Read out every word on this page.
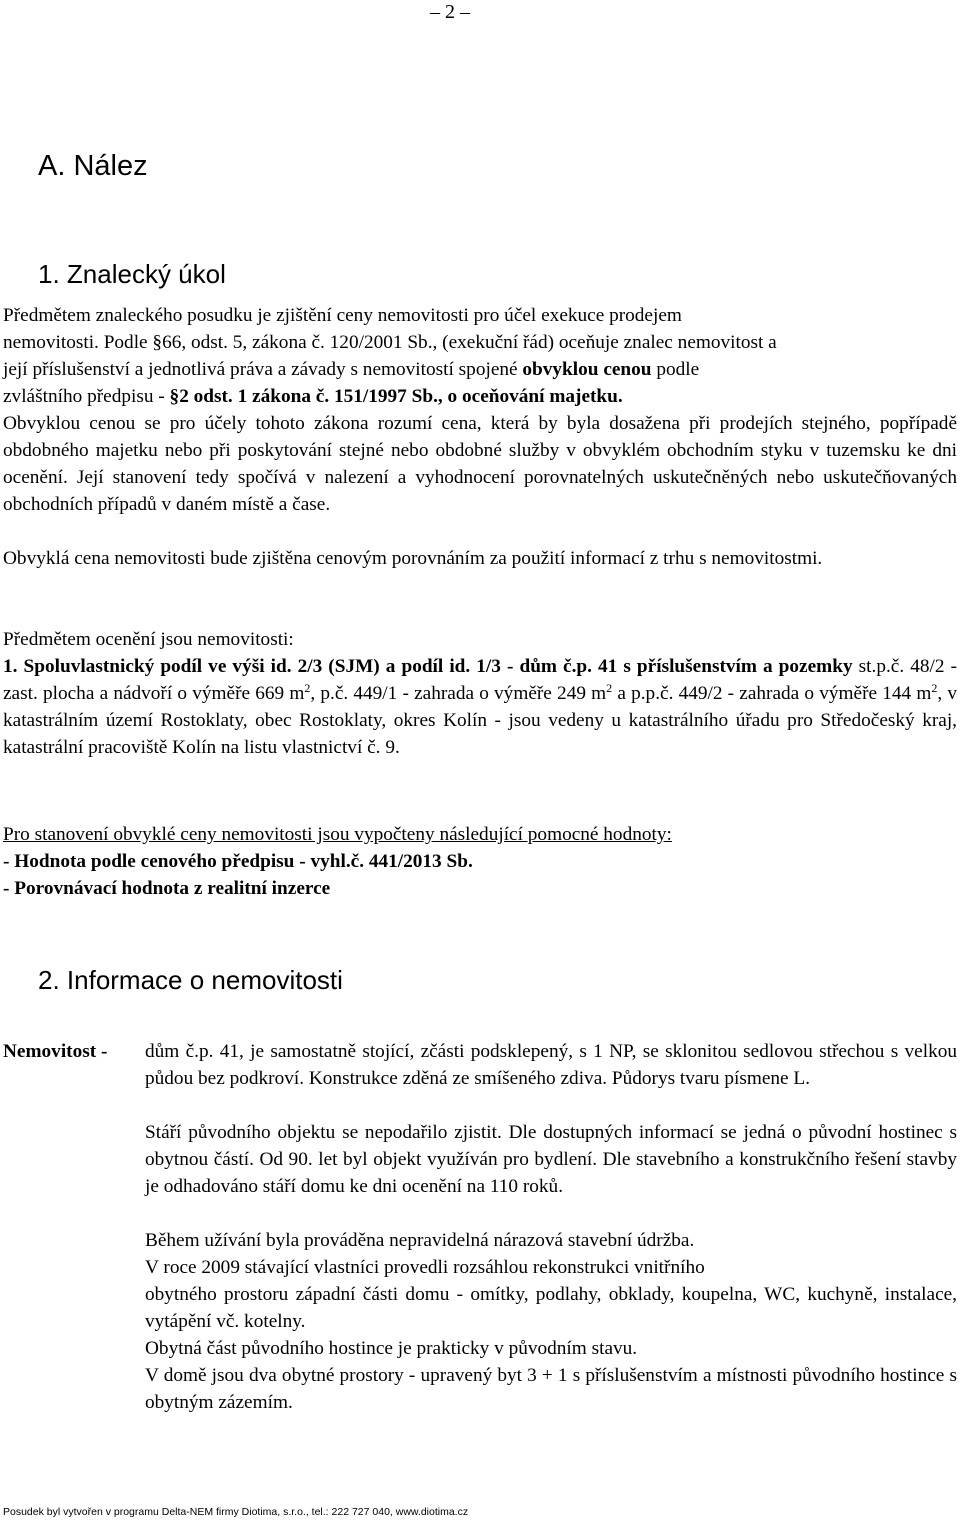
– 2 –
A. Nález
1. Znalecký úkol
Předmětem znaleckého posudku je zjištění ceny nemovitosti pro účel exekuce prodejem
nemovitosti. Podle §66, odst. 5, zákona č. 120/2001 Sb., (exekuční řád) oceňuje znalec nemovitost a
její příslušenství a jednotlivá práva a závady s nemovitostí spojené obvyklou cenou podle
zvláštního předpisu - §2 odst. 1 zákona č. 151/1997 Sb., o oceňování majetku.
Obvyklou cenou se pro účely tohoto zákona rozumí cena, která by byla dosažena při prodejích stejného, popřípadě obdobného majetku nebo při poskytování stejné nebo obdobné služby v obvyklém obchodním styku v tuzemsku ke dni ocenění. Její stanovení tedy spočívá v nalezení a vyhodnocení porovnatelných uskutečněných nebo uskutečňovaných obchodních případů v daném místě a čase.
Obvyklá cena nemovitosti bude zjištěna cenovým porovnáním za použití informací z trhu s nemovitostmi.
Předmětem ocenění jsou nemovitosti:
1. Spoluvlastnický podíl ve výši id. 2/3 (SJM) a podíl id. 1/3 - dům č.p. 41 s příslušenstvím a pozemky st.p.č. 48/2 - zast. plocha a nádvoří o výměře 669 $m^2$, p.č. 449/1 - zahrada o výměře 249 $m^2$ a p.p.č. 449/2 - zahrada o výměře 144 $m^2$, v katastrálním území Rostoklaty, obec Rostoklaty, okres Kolín - jsou vedeny u katastrálního úřadu pro Středočeský kraj, katastrální pracoviště Kolín na listu vlastnictví č. 9.
Pro stanovení obvyklé ceny nemovitosti jsou vypočteny následující pomocné hodnoty:
- Hodnota podle cenového předpisu - vyhl.č. 441/2013 Sb.
- Porovnávací hodnota z realitní inzerce
2. Informace o nemovitosti
Nemovitost - dům č.p. 41, je samostatně stojící, zčásti podsklepený, s 1 NP, se sklonitou sedlovou střechou s velkou půdou bez podkroví. Konstrukce zděná ze smíšeného zdiva. Půdorys tvaru písmene L.
Stáří původního objektu se nepodařilo zjistit. Dle dostupných informací se jedná o původní hostinec s obytnou částí. Od 90. let byl objekt využíván pro bydlení. Dle stavebního a konstrukčního řešení stavby je odhadováno stáří domu ke dni ocenění na 110 roků.
Během užívání byla prováděna nepravidelná nárazová stavební údržba.
V roce 2009 stávající vlastníci provedli rozsáhlou rekonstrukci vnitřního
obytného prostoru západní části domu - omítky, podlahy, obklady, koupelna, WC, kuchyně, instalace, vytápění vč. kotelny.
Obytná část původního hostince je prakticky v původním stavu.
V domě jsou dva obytné prostory - upravený byt 3 + 1 s příslušenstvím a místnosti původního hostince s obytným zázemím.
Posudek byl vytvořen v programu Delta-NEM firmy Diotima, s.r.o., tel.: 222 727 040, www.diotima.cz
